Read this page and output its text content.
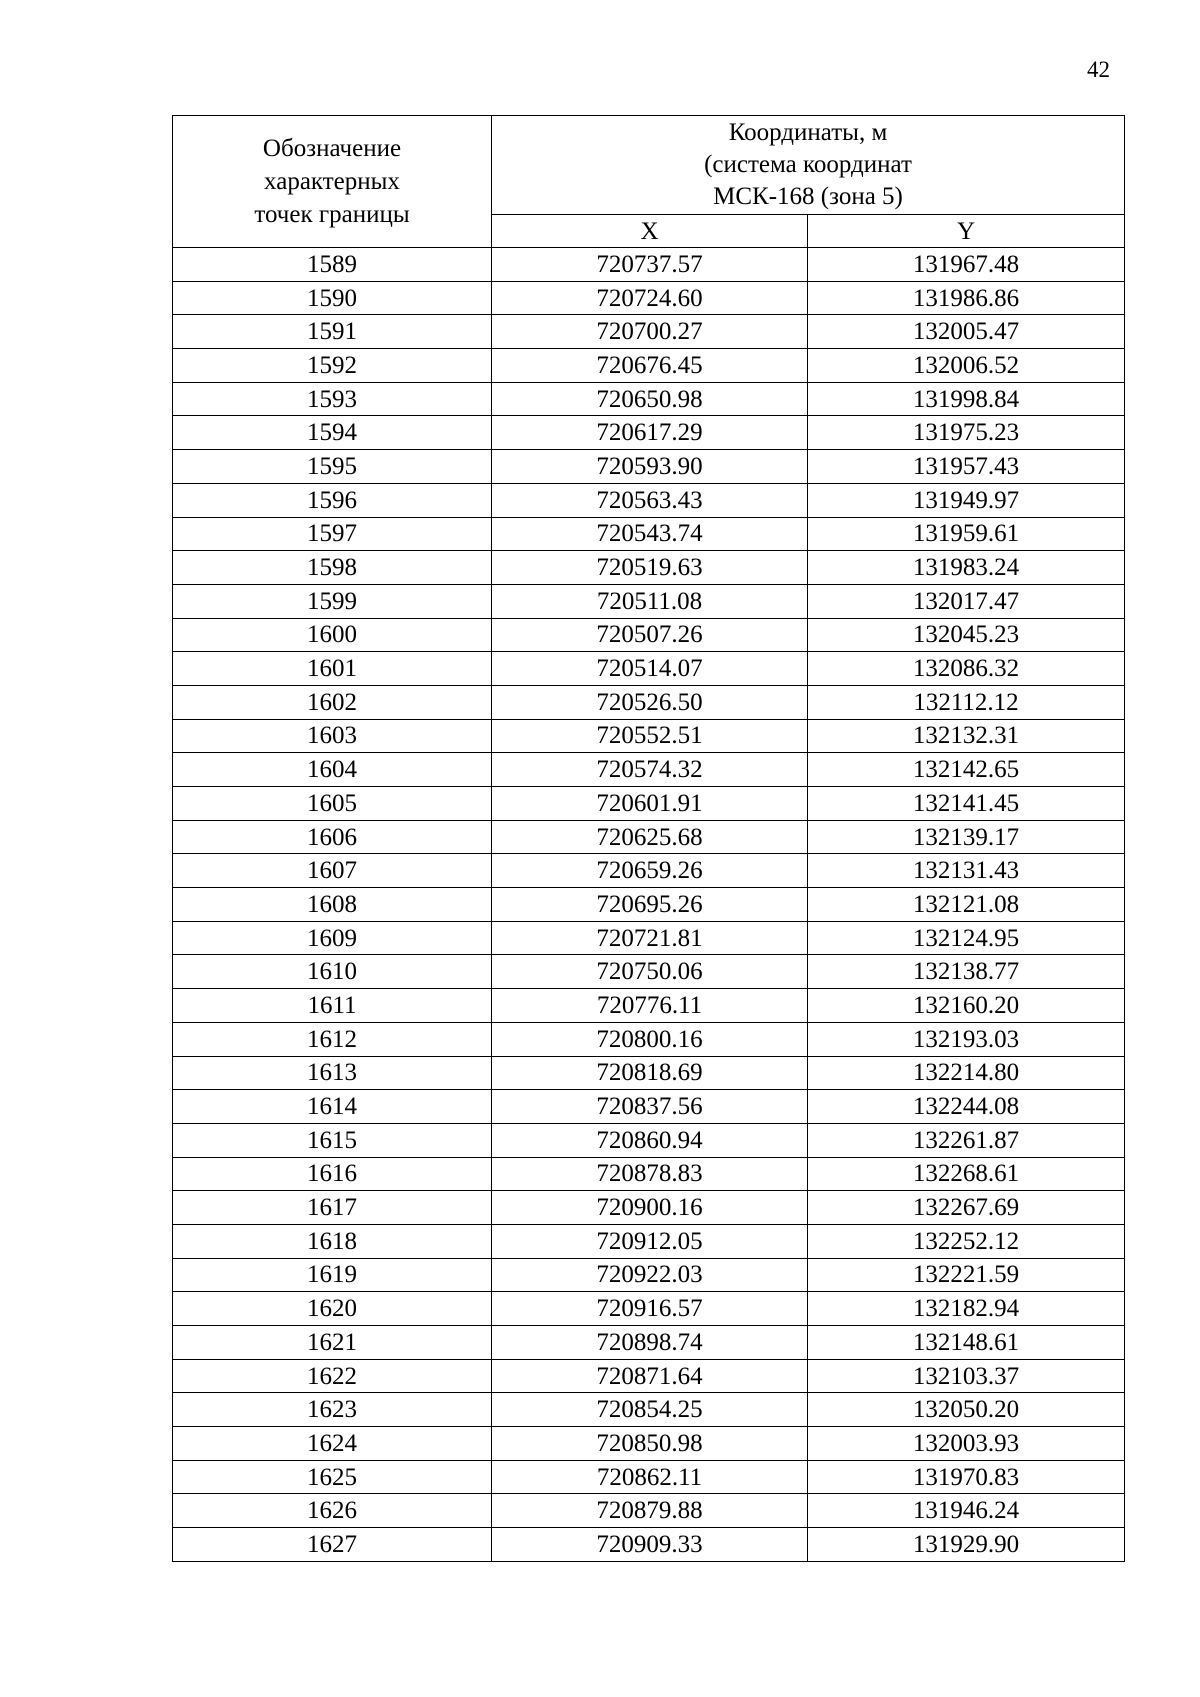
42
Обозначение
характерных
точек границы	Координаты, м
(система координат
МСК-168 (зона 5)	

	X	Y
1589	720737.57	131967.48
1590	720724.60	131986.86
1591	720700.27	132005.47
1592	720676.45	132006.52
1593	720650.98	131998.84
1594	720617.29	131975.23
1595	720593.90	131957.43
1596	720563.43	131949.97
1597	720543.74	131959.61
1598	720519.63	131983.24
1599	720511.08	132017.47
1600	720507.26	132045.23
1601	720514.07	132086.32
1602	720526.50	132112.12
1603	720552.51	132132.31
1604	720574.32	132142.65
1605	720601.91	132141.45
1606	720625.68	132139.17
1607	720659.26	132131.43
1608	720695.26	132121.08
1609	720721.81	132124.95
1610	720750.06	132138.77
1611	720776.11	132160.20
1612	720800.16	132193.03
1613	720818.69	132214.80
1614	720837.56	132244.08
1615	720860.94	132261.87
1616	720878.83	132268.61
1617	720900.16	132267.69
1618	720912.05	132252.12
1619	720922.03	132221.59
1620	720916.57	132182.94
1621	720898.74	132148.61
1622	720871.64	132103.37
1623	720854.25	132050.20
1624	720850.98	132003.93
1625	720862.11	131970.83
1626	720879.88	131946.24
1627	720909.33	131929.90
